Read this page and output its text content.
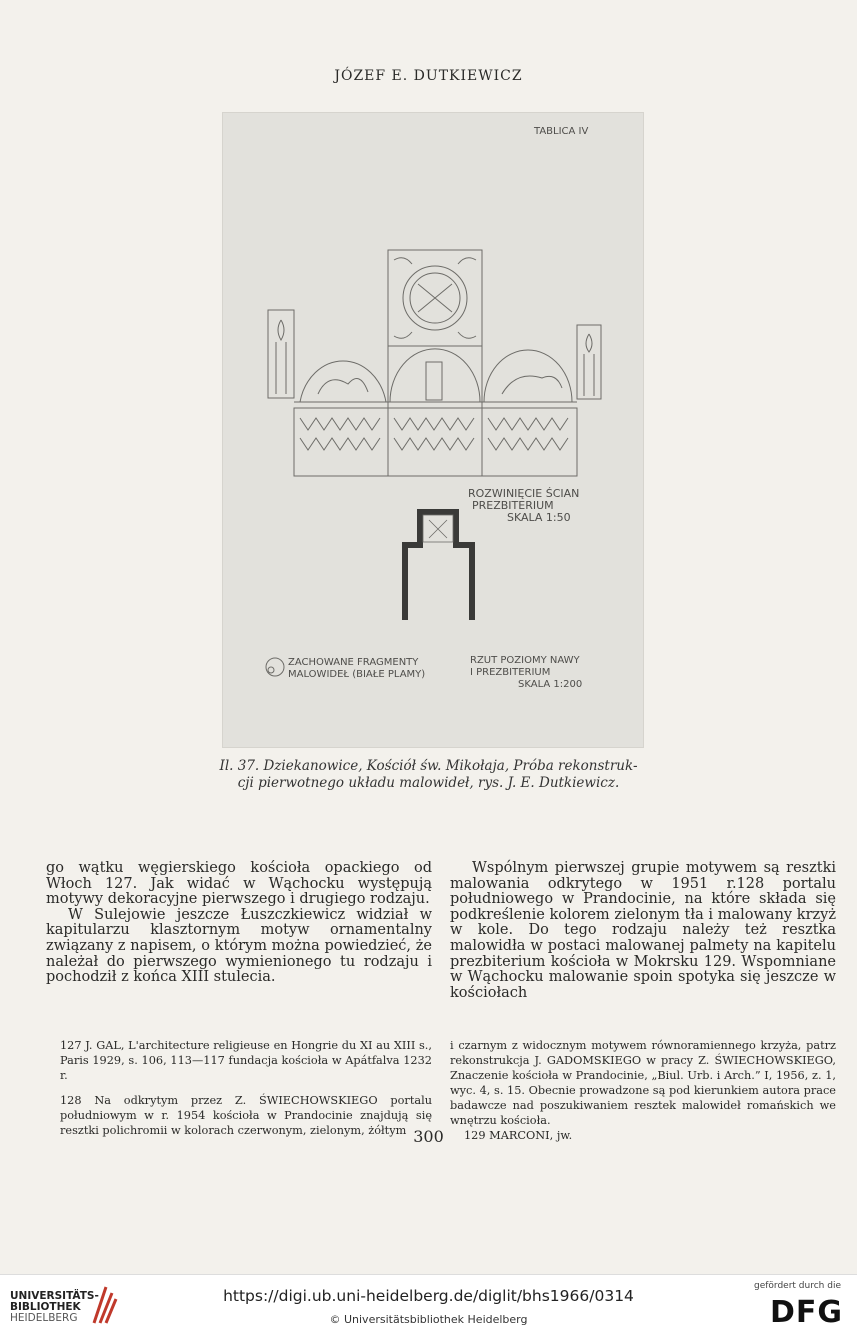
JÓZEF E. DUTKIEWICZ
TABLICA IV
ROZWINIĘCIE ŚCIAN
PREZBITERIUM
SKALA 1:50
ZACHOWANE FRAGMENTY
MALOWIDEŁ (BIAŁE PLAMY)
RZUT POZIOMY NAWY
I PREZBITERIUM
SKALA 1:200
Il. 37. Dziekanowice, Kościół św. Mikołaja, Próba rekonstruk-
cji pierwotnego układu malowideł, rys. J. E. Dutkiewicz.

go wątku węgierskiego kościoła opackiego od Włoch 127. Jak widać w Wąchocku występują motywy dekoracyjne pierwszego i drugiego rodzaju.

W Sulejowie jeszcze Łuszczkiewicz widział w kapitularzu klasztornym motyw ornamentalny związany z napisem, o którym można powiedzieć, że należał do pierwszego wymienionego tu rodzaju i pochodził z końca XIII stulecia.

Wspólnym pierwszej grupie motywem są resztki malowania odkrytego w 1951 r.128 portalu południowego w Prandocinie, na które składa się podkreślenie kolorem zielonym tła i malowany krzyż w kole. Do tego rodzaju należy też resztka malowidła w postaci malowanej palmety na kapitelu prezbiterium kościoła w Mokrsku 129. Wspomniane w Wąchocku malowanie spoin spotyka się jeszcze w kościołach

127 J. GAL, L'architecture religieuse en Hongrie du XI au XIII s., Paris 1929, s. 106, 113—117 fundacja kościoła w Apátfalva 1232 r.

128 Na odkrytym przez Z. ŚWIECHOWSKIEGO portalu południowym w r. 1954 kościoła w Prandocinie znajdują się resztki polichromii w kolorach czerwonym, zielonym, żółtym

i czarnym z widocznym motywem równoramiennego krzyża, patrz rekonstrukcja J. GADOMSKIEGO w pracy Z. ŚWIECHOWSKIEGO, Znaczenie kościoła w Prandocinie, „Biul. Urb. i Arch.” I, 1956, z. 1, wyc. 4, s. 15. Obecnie prowadzone są pod kierunkiem autora prace badawcze nad poszukiwaniem resztek malowideł romańskich we wnętrzu kościoła.

129 MARCONI, jw.

300
UNIVERSITÄTS-
BIBLIOTHEK
HEIDELBERG
https://digi.ub.uni-heidelberg.de/diglit/bhs1966/0314
© Universitätsbibliothek Heidelberg
gefördert durch die
DFG
